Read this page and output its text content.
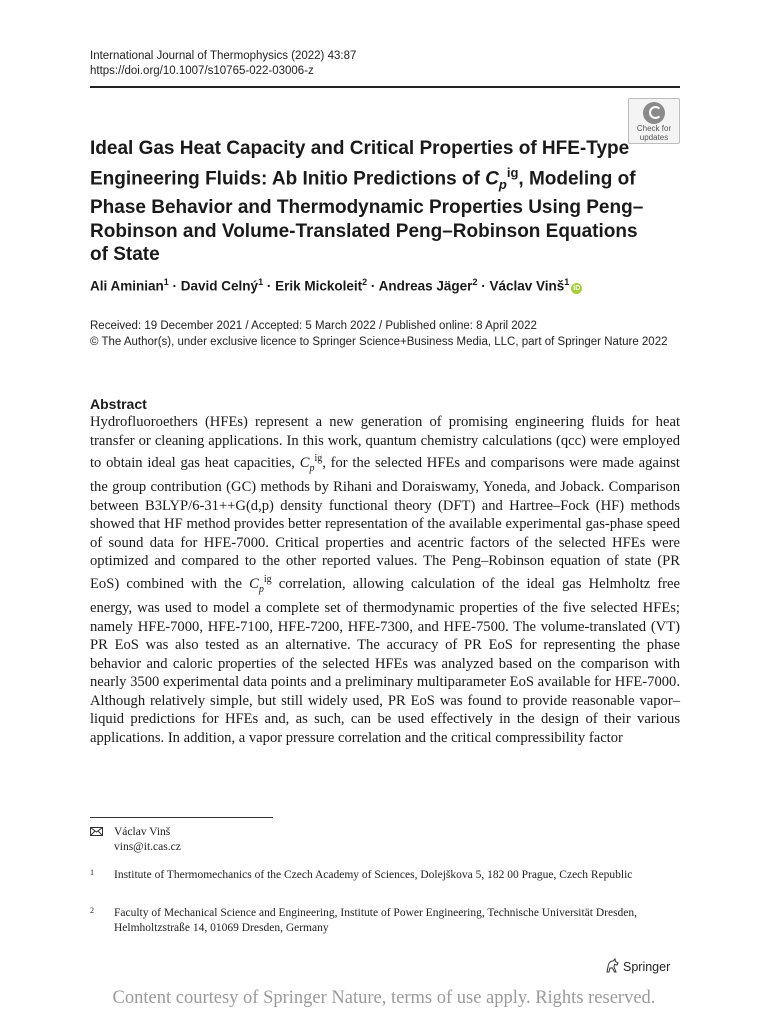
International Journal of Thermophysics (2022) 43:87
https://doi.org/10.1007/s10765-022-03006-z
Check for
updates
Ideal Gas Heat Capacity and Critical Properties of HFE-Type Engineering Fluids: Ab Initio Predictions of $C_p^{ig}$, Modeling of Phase Behavior and Thermodynamic Properties Using Peng–Robinson and Volume-Translated Peng–Robinson Equations of State
Ali Aminian$^1$ · David Celný$^1$ · Erik Mickoleit$^2$ · Andreas Jäger$^2$ · Václav Vinš$^1$iD
Received: 19 December 2021 / Accepted: 5 March 2022 / Published online: 8 April 2022
© The Author(s), under exclusive licence to Springer Science+Business Media, LLC, part of Springer Nature 2022
Abstract

Hydrofluoroethers (HFEs) represent a new generation of promising engineering fluids for heat transfer or cleaning applications. In this work, quantum chemistry calculations (qcc) were employed to obtain ideal gas heat capacities, $C_p^{ig}$, for the selected HFEs and comparisons were made against the group contribution (GC) methods by Rihani and Doraiswamy, Yoneda, and Joback. Comparison between B3LYP/6-31++G(d,p) density functional theory (DFT) and Hartree–Fock (HF) methods showed that HF method provides better representation of the available experimental gas-phase speed of sound data for HFE-7000. Critical properties and acentric factors of the selected HFEs were optimized and compared to the other reported values. The Peng–Robinson equation of state (PR EoS) combined with the $C_p^{ig}$ correlation, allowing calculation of the ideal gas Helmholtz free energy, was used to model a complete set of thermodynamic properties of the five selected HFEs; namely HFE-7000, HFE-7100, HFE-7200, HFE-7300, and HFE-7500. The volume-translated (VT) PR EoS was also tested as an alternative. The accuracy of PR EoS for representing the phase behavior and caloric properties of the selected HFEs was analyzed based on the comparison with nearly 3500 experimental data points and a preliminary multiparameter EoS available for HFE-7000. Although relatively simple, but still widely used, PR EoS was found to provide reasonable vapor–liquid predictions for HFEs and, as such, can be used effectively in the design of their various applications. In addition, a vapor pressure correlation and the critical compressibility factor

Václav Vinš
vins@it.cas.cz
1 Institute of Thermomechanics of the Czech Academy of Sciences, Dolejškova 5, 182 00 Prague, Czech Republic
2 Faculty of Mechanical Science and Engineering, Institute of Power Engineering, Technische Universität Dresden, Helmholtzstraße 14, 01069 Dresden, Germany
Springer
Content courtesy of Springer Nature, terms of use apply. Rights reserved.
